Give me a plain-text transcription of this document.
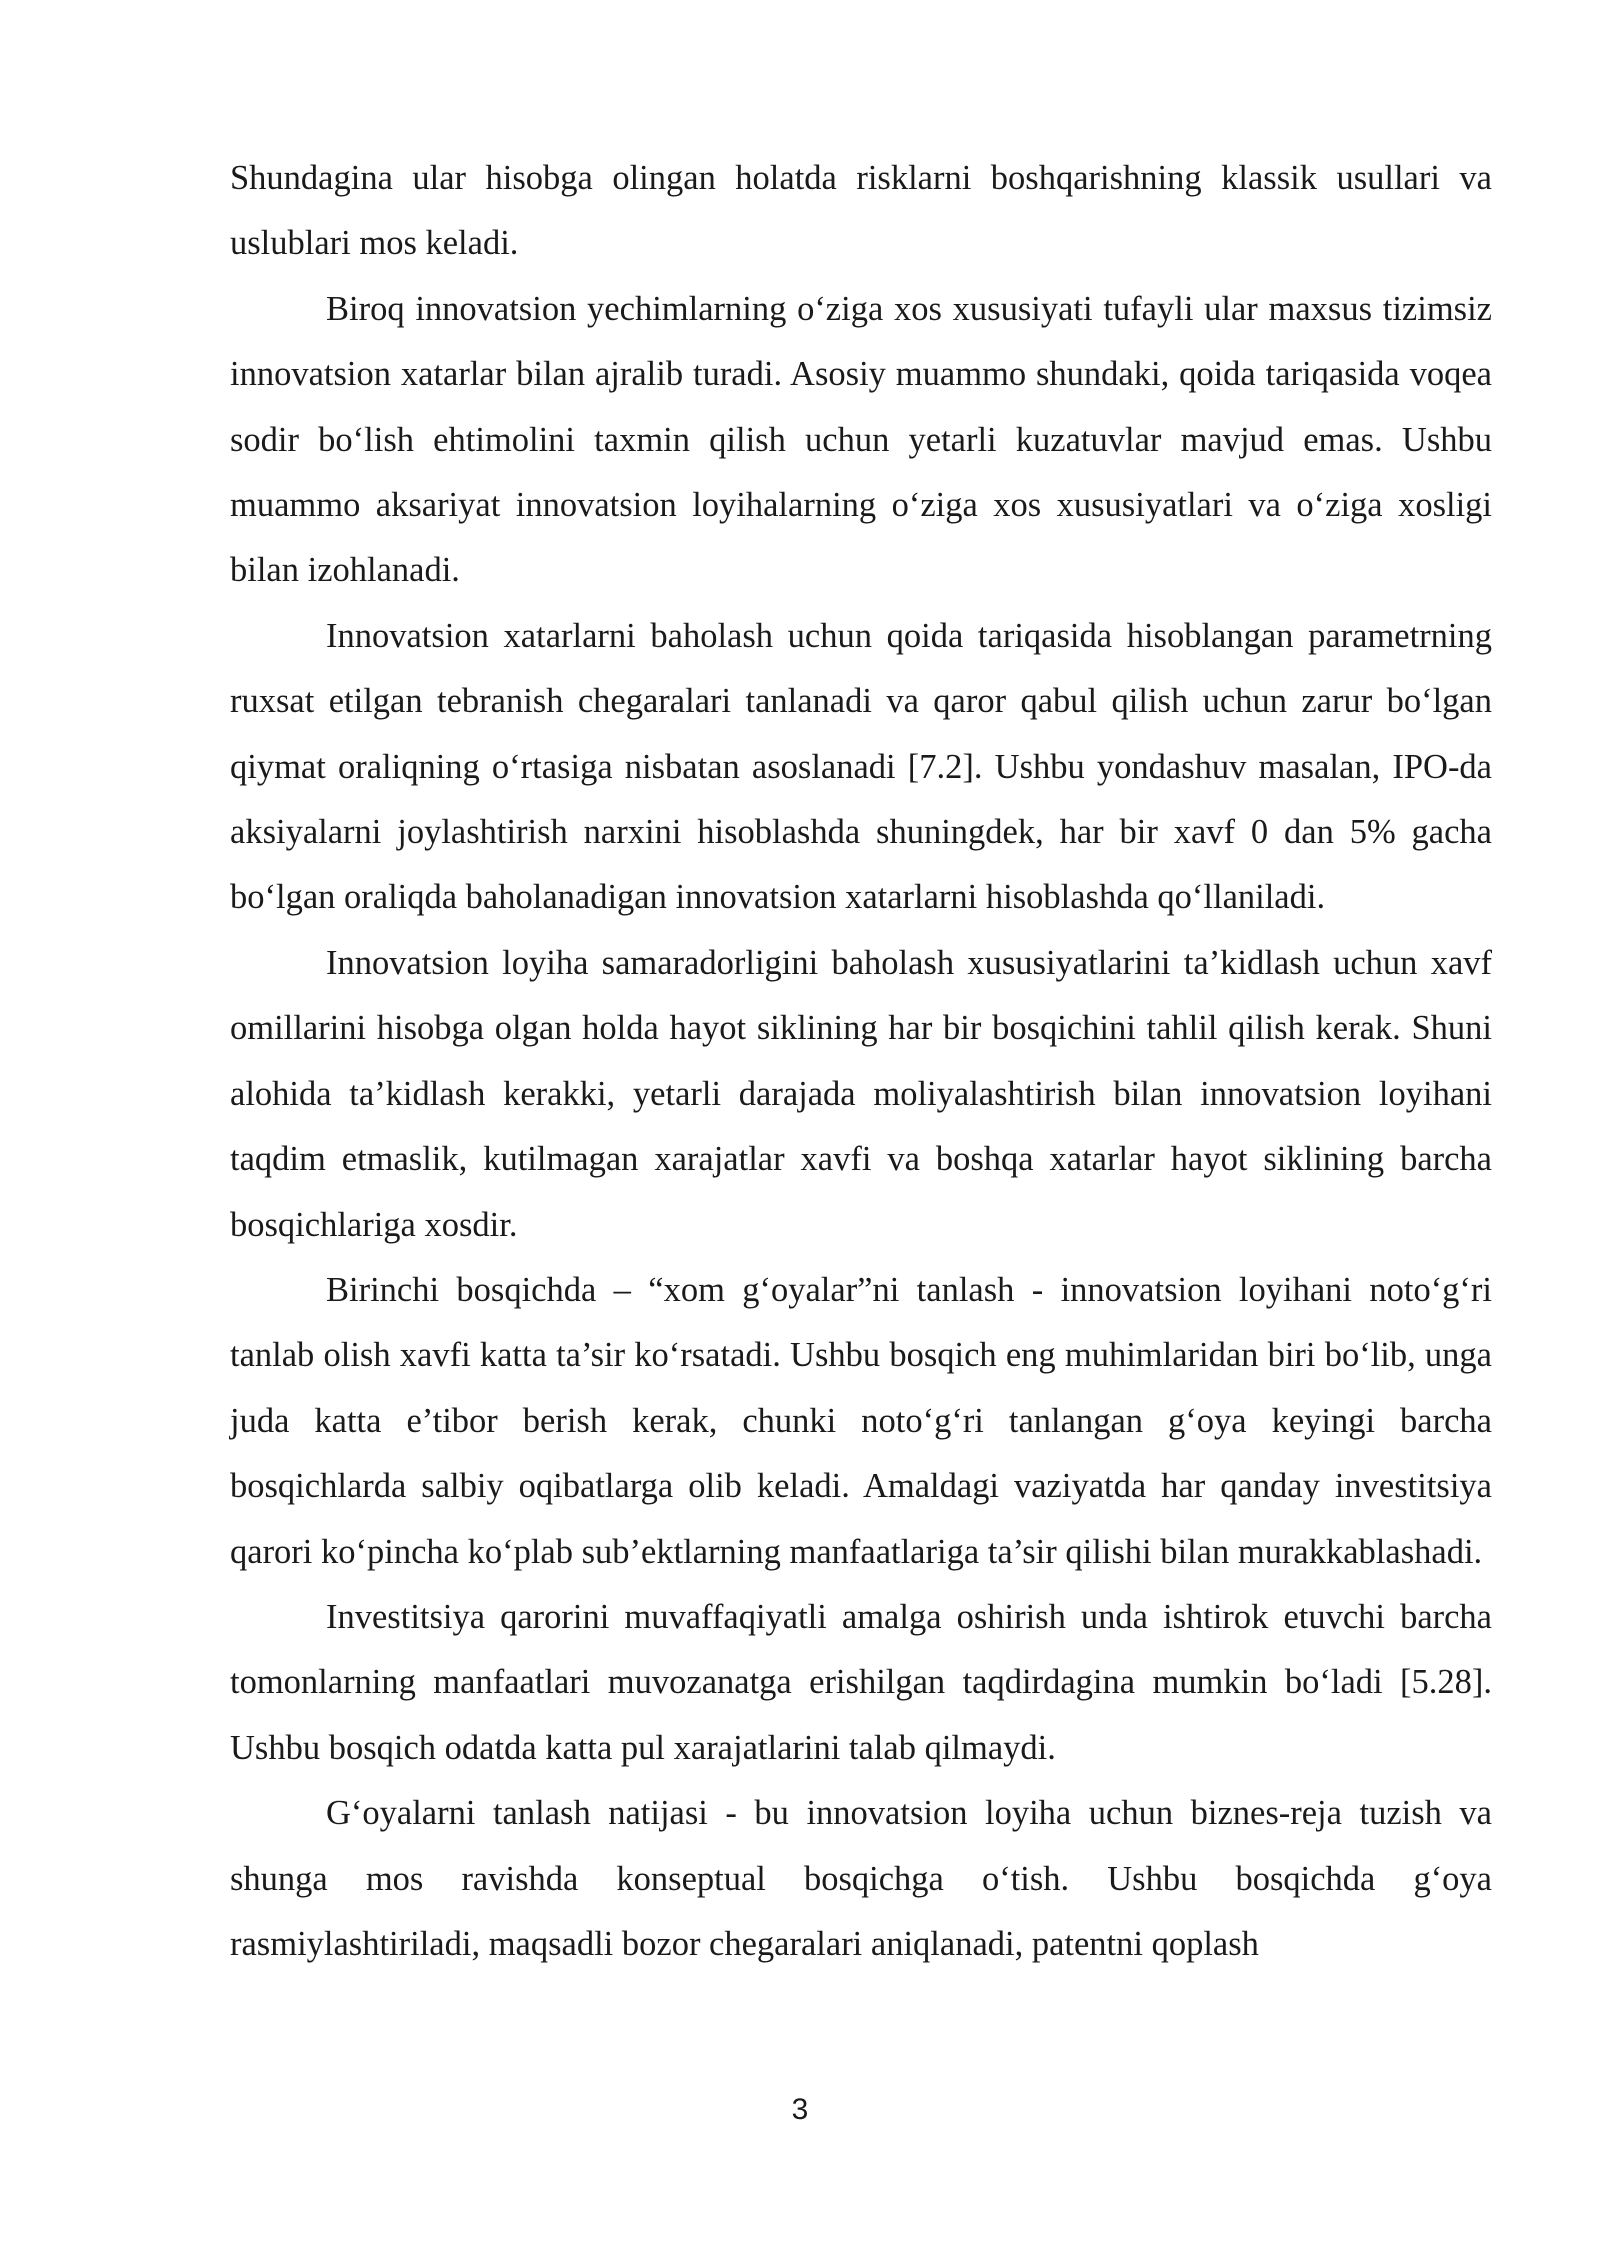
Shundagina ular hisobga olingan holatda risklarni boshqarishning klassik usullari va uslublari mos keladi.

Biroq innovatsion yechimlarning o‘ziga xos xususiyati tufayli ular maxsus tizimsiz innovatsion xatarlar bilan ajralib turadi. Asosiy muammo shundaki, qoida tariqasida voqea sodir bo‘lish ehtimolini taxmin qilish uchun yetarli kuzatuvlar mavjud emas. Ushbu muammo aksariyat innovatsion loyihalarning o‘ziga xos xususiyatlari va o‘ziga xosligi bilan izohlanadi.

Innovatsion xatarlarni baholash uchun qoida tariqasida hisoblangan parametrning ruxsat etilgan tebranish chegaralari tanlanadi va qaror qabul qilish uchun zarur bo‘lgan qiymat oraliqning o‘rtasiga nisbatan asoslanadi [7.2]. Ushbu yondashuv masalan, IPO-da aksiyalarni joylashtirish narxini hisoblashda shuningdek, har bir xavf 0 dan 5% gacha bo‘lgan oraliqda baholanadigan innovatsion xatarlarni hisoblashda qo‘llaniladi.

Innovatsion loyiha samaradorligini baholash xususiyatlarini ta’kidlash uchun xavf omillarini hisobga olgan holda hayot siklining har bir bosqichini tahlil qilish kerak. Shuni alohida ta’kidlash kerakki, yetarli darajada moliyalashtirish bilan innovatsion loyihani taqdim etmaslik, kutilmagan xarajatlar xavfi va boshqa xatarlar hayot siklining barcha bosqichlariga xosdir.

Birinchi bosqichda – “xom g‘oyalar”ni tanlash - innovatsion loyihani noto‘g‘ri tanlab olish xavfi katta ta’sir ko‘rsatadi. Ushbu bosqich eng muhimlaridan biri bo‘lib, unga juda katta e’tibor berish kerak, chunki noto‘g‘ri tanlangan g‘oya keyingi barcha bosqichlarda salbiy oqibatlarga olib keladi. Amaldagi vaziyatda har qanday investitsiya qarori ko‘pincha ko‘plab sub’ektlarning manfaatlariga ta’sir qilishi bilan murakkablashadi.

Investitsiya qarorini muvaffaqiyatli amalga oshirish unda ishtirok etuvchi barcha tomonlarning manfaatlari muvozanatga erishilgan taqdirdagina mumkin bo‘ladi [5.28]. Ushbu bosqich odatda katta pul xarajatlarini talab qilmaydi.

G‘oyalarni tanlash natijasi - bu innovatsion loyiha uchun biznes-reja tuzish va shunga mos ravishda konseptual bosqichga o‘tish. Ushbu bosqichda g‘oya rasmiylashtiriladi, maqsadli bozor chegaralari aniqlanadi, patentni qoplash

3
